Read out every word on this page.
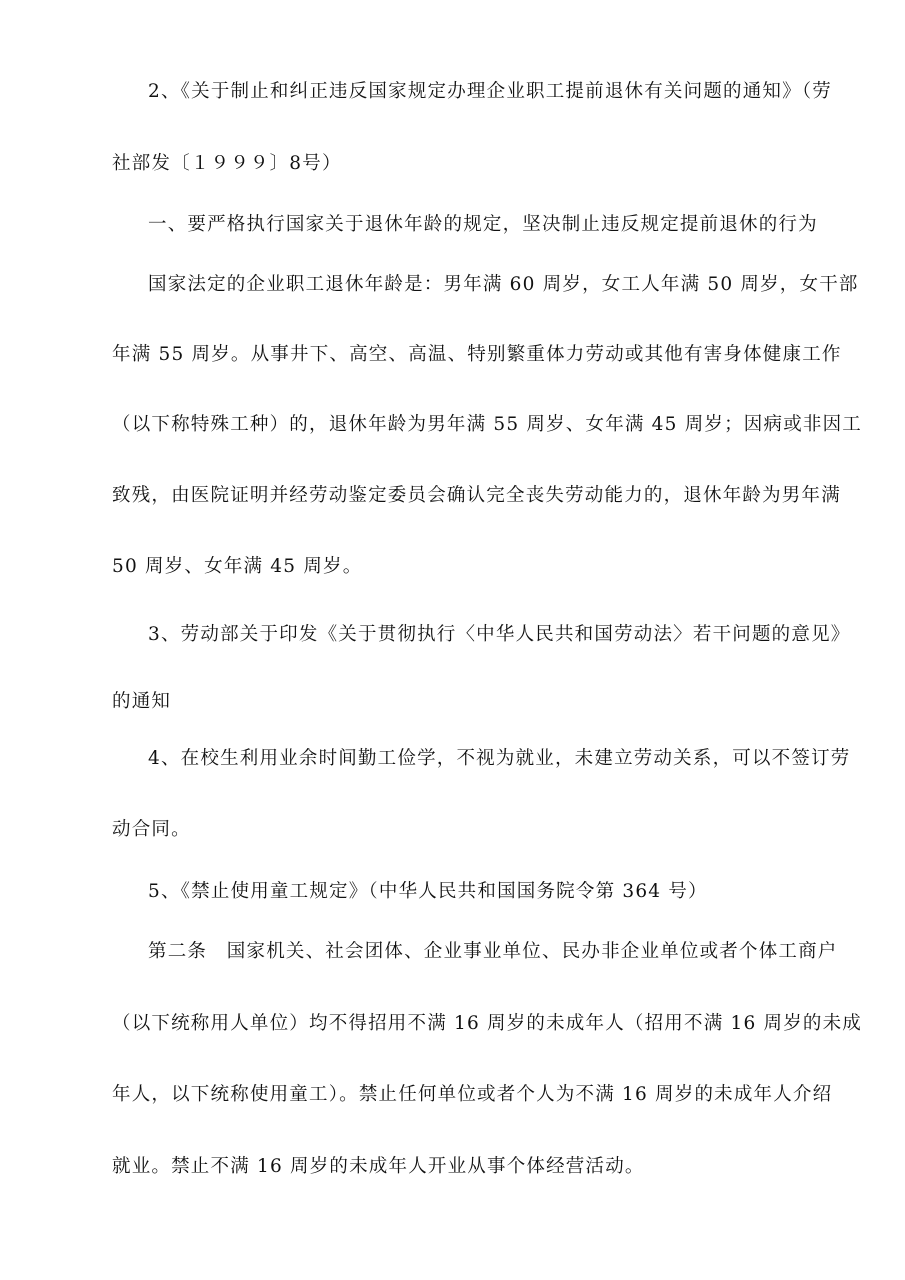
2、《关于制止和纠正违反国家规定办理企业职工提前退休有关问题的通知》（劳
社部发〔１９９９〕8号）
一、要严格执行国家关于退休年龄的规定，坚决制止违反规定提前退休的行为
国家法定的企业职工退休年龄是：男年满 60 周岁，女工人年满 50 周岁，女干部
年满 55 周岁。从事井下、高空、高温、特别繁重体力劳动或其他有害身体健康工作
（以下称特殊工种）的，退休年龄为男年满 55 周岁、女年满 45 周岁；因病或非因工
致残，由医院证明并经劳动鉴定委员会确认完全丧失劳动能力的，退休年龄为男年满
50 周岁、女年满 45 周岁。
3、劳动部关于印发《关于贯彻执行〈中华人民共和国劳动法〉若干问题的意见》
的通知
4、在校生利用业余时间勤工俭学，不视为就业，未建立劳动关系，可以不签订劳
动合同。
5、《禁止使用童工规定》（中华人民共和国国务院令第 364 号）
第二条　国家机关、社会团体、企业事业单位、民办非企业单位或者个体工商户
（以下统称用人单位）均不得招用不满 16 周岁的未成年人（招用不满 16 周岁的未成
年人，以下统称使用童工）。禁止任何单位或者个人为不满 16 周岁的未成年人介绍
就业。禁止不满 16 周岁的未成年人开业从事个体经营活动。
